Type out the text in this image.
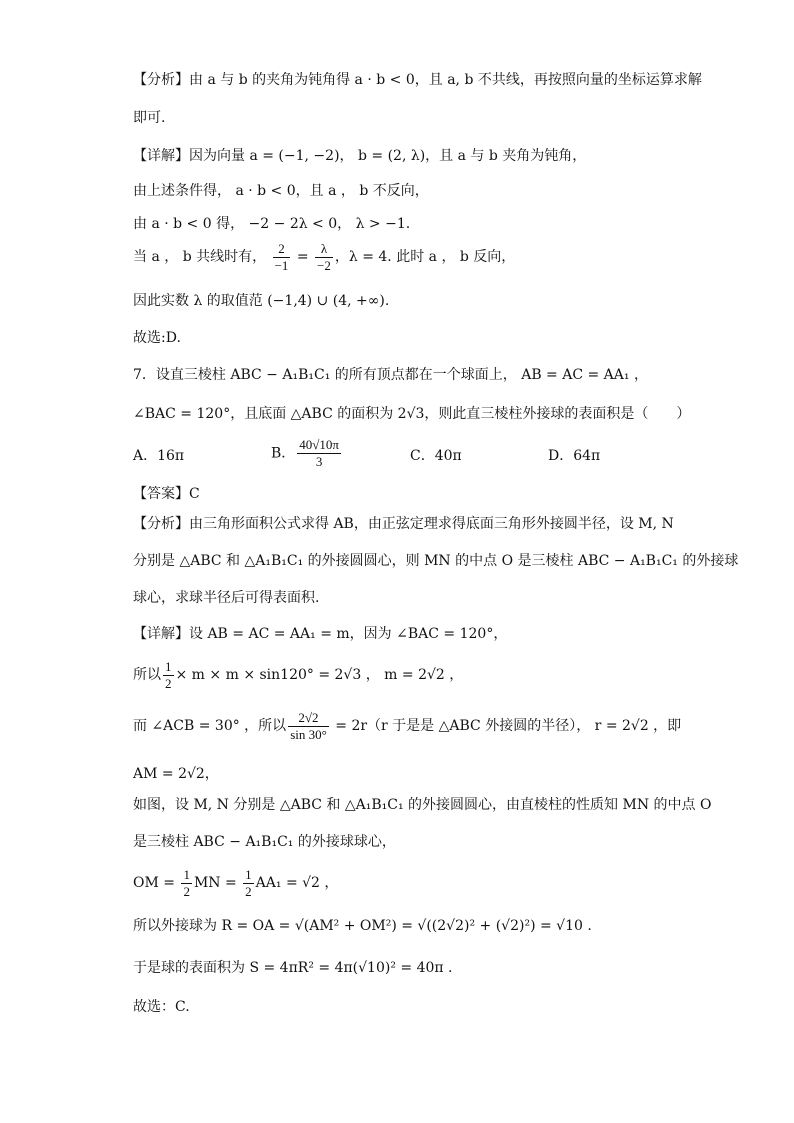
【分析】由 a 与 b 的夹角为钝角得 a · b < 0，且 a, b 不共线，再按照向量的坐标运算求解
即可.
【详解】因为向量 a = (−1, −2)， b = (2, λ)，且 a 与 b 夹角为钝角，
由上述条件得， a · b < 0，且 a ， b 不反向，
由 a · b < 0 得， −2 − 2λ < 0， λ > −1.
当 a ， b 共线时有， $\frac{2}{-1} = \frac{\lambda}{-2}$ ，λ = 4. 此时 a ， b 反向，
因此实数 λ 的取值范 (−1,4) ∪ (4, +∞).
故选:D.
7．设直三棱柱 ABC − A₁B₁C₁ 的所有顶点都在一个球面上， AB = AC = AA₁ ，
∠BAC = 120°，且底面 △ABC 的面积为 2√3，则此直三棱柱外接球的表面积是（　　）
A．16π	B． $\frac{40√10\pi}{3}$	C．40π	D．64π
【答案】C
【分析】由三角形面积公式求得 AB，由正弦定理求得底面三角形外接圆半径，设 M, N
分别是 △ABC 和 △A₁B₁C₁ 的外接圆圆心，则 MN 的中点 O 是三棱柱 ABC − A₁B₁C₁ 的外接球
球心，求球半径后可得表面积.
【详解】设 AB = AC = AA₁ = m，因为 ∠BAC = 120°，
所以 $\frac{1}{2} \times m \times m \times \sin 120^\circ = 2√3$ ， m = 2√2 ，
而 ∠ACB = 30° ，所以 $\frac{2√2}{\sin 30^\circ} = 2r(r$ 于是是 △ABC 外接圆的半径）， r = 2√2 ，即
AM = 2√2，
如图，设 M, N 分别是 △ABC 和 △A₁B₁C₁ 的外接圆圆心，由直棱柱的性质知 MN 的中点 O
是三棱柱 ABC − A₁B₁C₁ 的外接球球心，
OM = $\frac{1}{2}$ MN = $\frac{1}{2} AA_1 = √2$ ，
所以外接球为 R = OA = √(AM² + OM²) = √((2√2)² + (√2)²) = √10 .
于是球的表面积为 S = 4πR² = 4π(√10)² = 40π .
故选：C.
